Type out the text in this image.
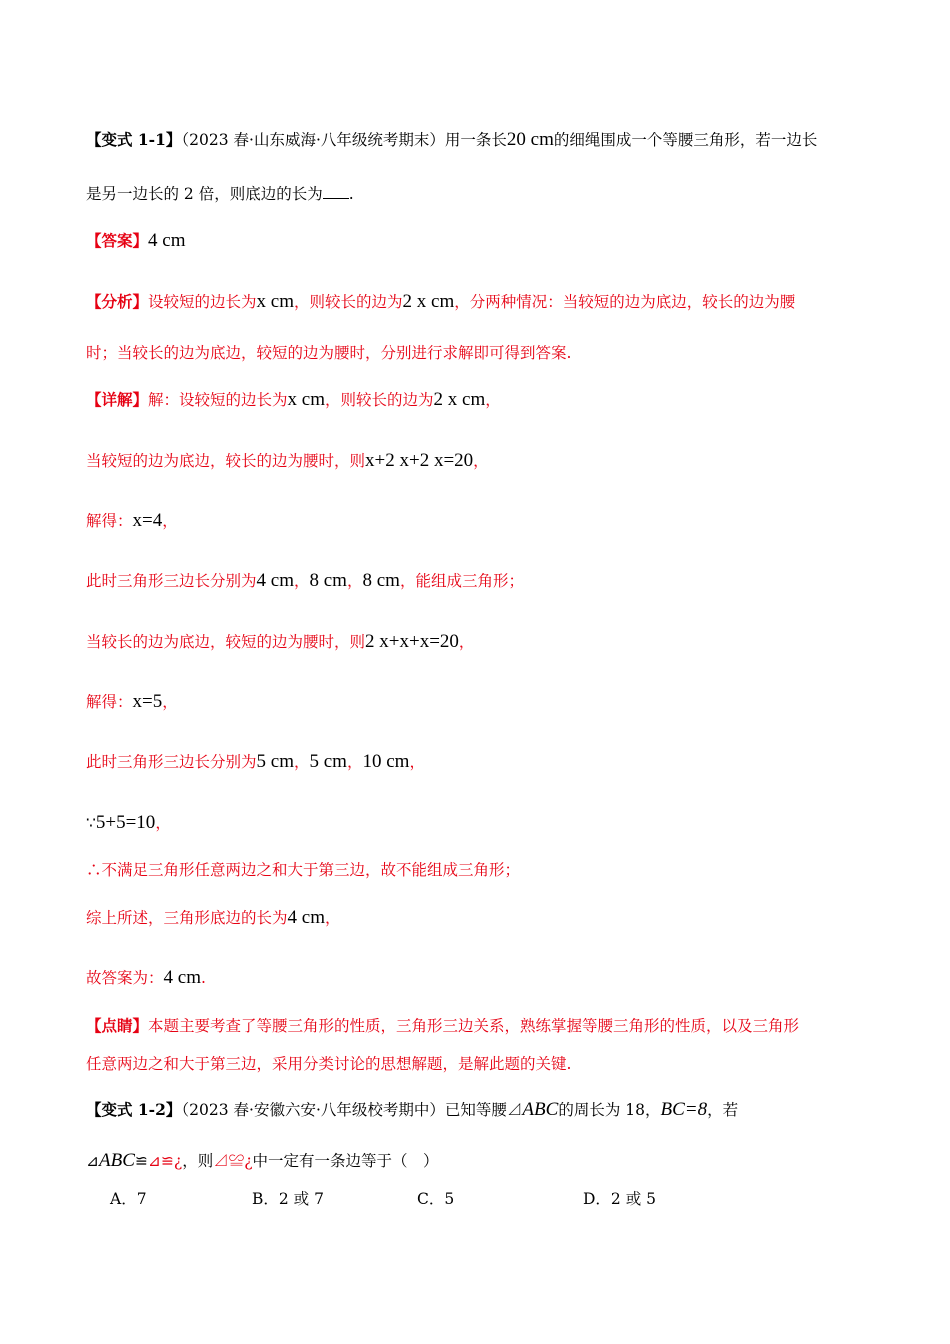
【变式 1-1】（2023 春·山东威海·八年级统考期末）用一条长20 cm的细绳围成一个等腰三角形，若一边长
是另一边长的 2 倍，则底边的长为 .
【答案】4 cm
【分析】设较短的边长为x cm，则较长的边为2 x cm，分两种情况：当较短的边为底边，较长的边为腰
时；当较长的边为底边，较短的边为腰时，分别进行求解即可得到答案.
【详解】解：设较短的边长为x cm，则较长的边为2 x cm，
当较短的边为底边，较长的边为腰时，则x+2 x+2 x=20，
解得：x=4，
此时三角形三边长分别为4 cm，8 cm，8 cm，能组成三角形；
当较长的边为底边，较短的边为腰时，则2 x+x+x=20，
解得：x=5，
此时三角形三边长分别为5 cm，5 cm，10 cm，
∵5+5=10，
∴不满足三角形任意两边之和大于第三边，故不能组成三角形；
综上所述，三角形底边的长为4 cm，
故答案为：4 cm.
【点睛】本题主要考查了等腰三角形的性质，三角形三边关系，熟练掌握等腰三角形的性质，以及三角形
任意两边之和大于第三边，采用分类讨论的思想解题，是解此题的关键.
【变式 1-2】（2023 春·安徽六安·八年级校考期中）已知等腰⊿ABC的周长为 18，BC=8，若
⊿ABC≌⊿≌¿，则⊿≌¿中一定有一条边等于（　）
A．7	B．2 或 7	C．5	D．2 或 5
